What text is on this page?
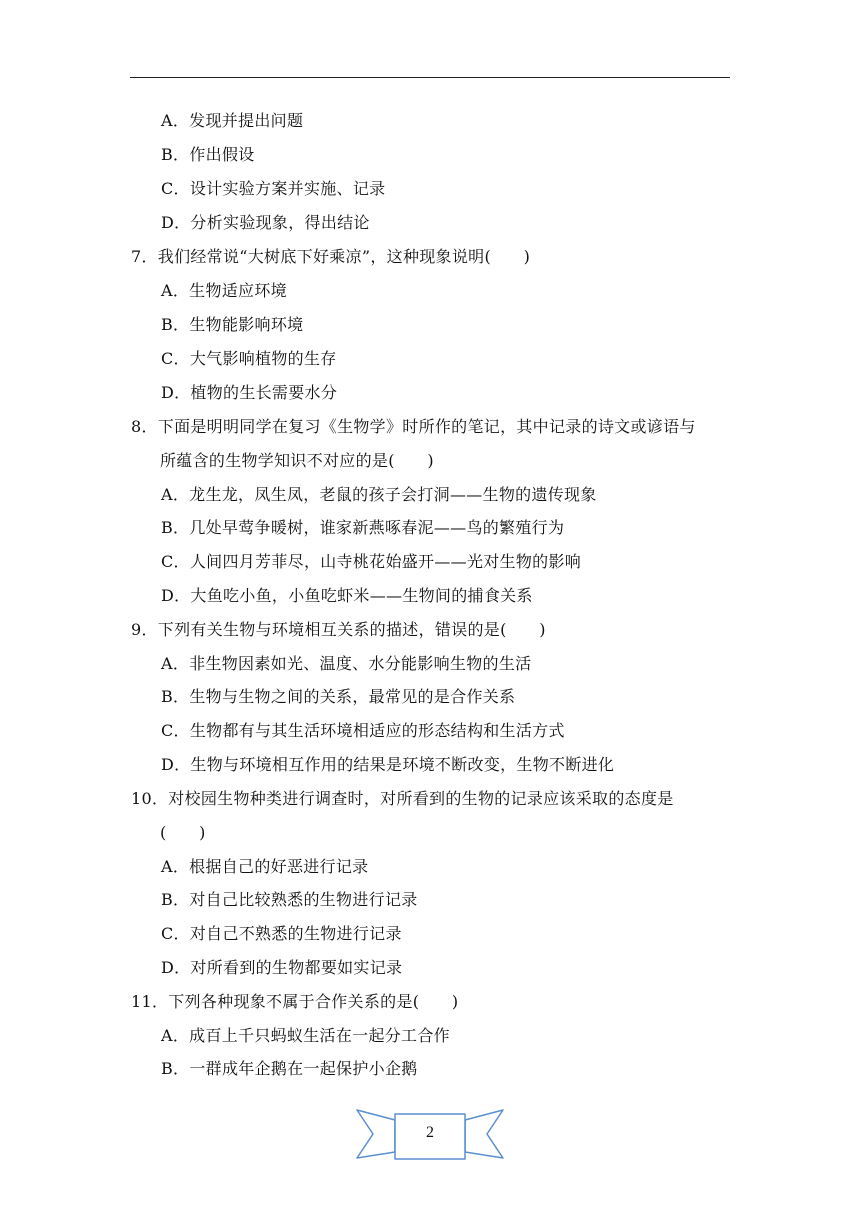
A．发现并提出问题
B．作出假设
C．设计实验方案并实施、记录
D．分析实验现象，得出结论
7．我们经常说“大树底下好乘凉”，这种现象说明(　　)
A．生物适应环境
B．生物能影响环境
C．大气影响植物的生存
D．植物的生长需要水分
8．下面是明明同学在复习《生物学》时所作的笔记，其中记录的诗文或谚语与
所蕴含的生物学知识不对应的是(　　)
A．龙生龙，凤生凤，老鼠的孩子会打洞——生物的遗传现象
B．几处早莺争暖树，谁家新燕啄春泥——鸟的繁殖行为
C．人间四月芳菲尽，山寺桃花始盛开——光对生物的影响
D．大鱼吃小鱼，小鱼吃虾米——生物间的捕食关系
9．下列有关生物与环境相互关系的描述，错误的是(　　)
A．非生物因素如光、温度、水分能影响生物的生活
B．生物与生物之间的关系，最常见的是合作关系
C．生物都有与其生活环境相适应的形态结构和生活方式
D．生物与环境相互作用的结果是环境不断改变，生物不断进化
10．对校园生物种类进行调查时，对所看到的生物的记录应该采取的态度是
(　　)
A．根据自己的好恶进行记录
B．对自己比较熟悉的生物进行记录
C．对自己不熟悉的生物进行记录
D．对所看到的生物都要如实记录
11．下列各种现象不属于合作关系的是(　　)
A．成百上千只蚂蚁生活在一起分工合作
B．一群成年企鹅在一起保护小企鹅
2
